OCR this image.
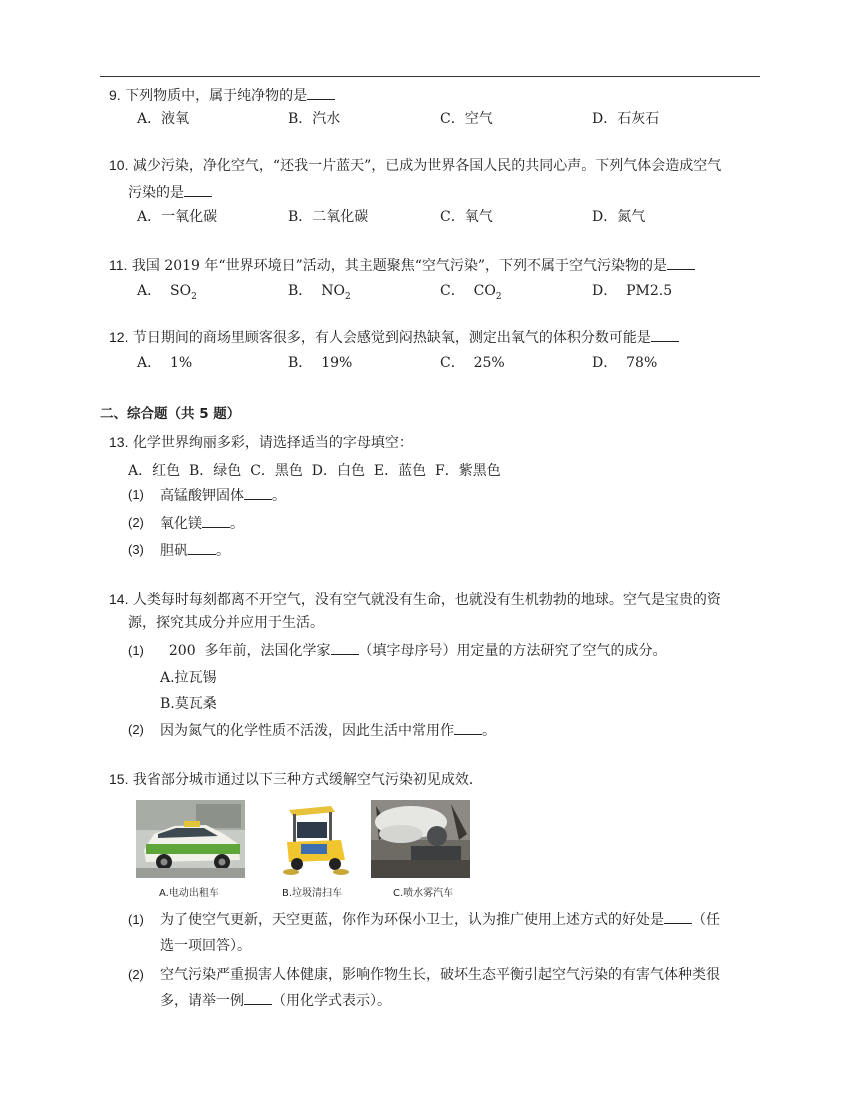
9. 下列物质中，属于纯净物的是
A．液氧	B．汽水	C．空气	D．石灰石
10. 减少污染，净化空气，“还我一片蓝天”，已成为世界各国人民的共同心声。下列气体会造成空气
污染的是
A．一氧化碳	B．二氧化碳	C．氧气	D．氮气
11. 我国 2019 年“世界环境日”活动，其主题聚焦“空气污染”，下列不属于空气污染物的是
A． $SO_2$	B． $NO_2$	C． $CO_2$	D． PM2.5
12. 节日期间的商场里顾客很多，有人会感觉到闷热缺氧，测定出氧气的体积分数可能是
A．  1%	B．  19%	C．  25%	D．  78%
二、综合题（共 5 题）
13. 化学世界绚丽多彩，请选择适当的字母填空：
A．红色  B．绿色  C．黑色  D．白色  E．蓝色  F．紫黑色
(1) 高锰酸钾固体 。
(2) 氧化镁 。
(3) 胆矾 。
14. 人类每时每刻都离不开空气，没有空气就没有生命，也就没有生机勃勃的地球。空气是宝贵的资
源，探究其成分并应用于生活。
(1) 200  多年前，法国化学家 （填字母序号）用定量的方法研究了空气的成分。
A.拉瓦锡
B.莫瓦桑
(2) 因为氮气的化学性质不活泼，因此生活中常用作 。
15. 我省部分城市通过以下三种方式缓解空气污染初见成效．
A.电动出租车	B.垃圾清扫车	C.喷水雾汽车
(1) 为了使空气更新，天空更蓝，你作为环保小卫士，认为推广使用上述方式的好处是 （任
选一项回答）。
(2) 空气污染严重损害人体健康，影响作物生长，破坏生态平衡引起空气污染的有害气体种类很
多，请举一例 （用化学式表示）。
